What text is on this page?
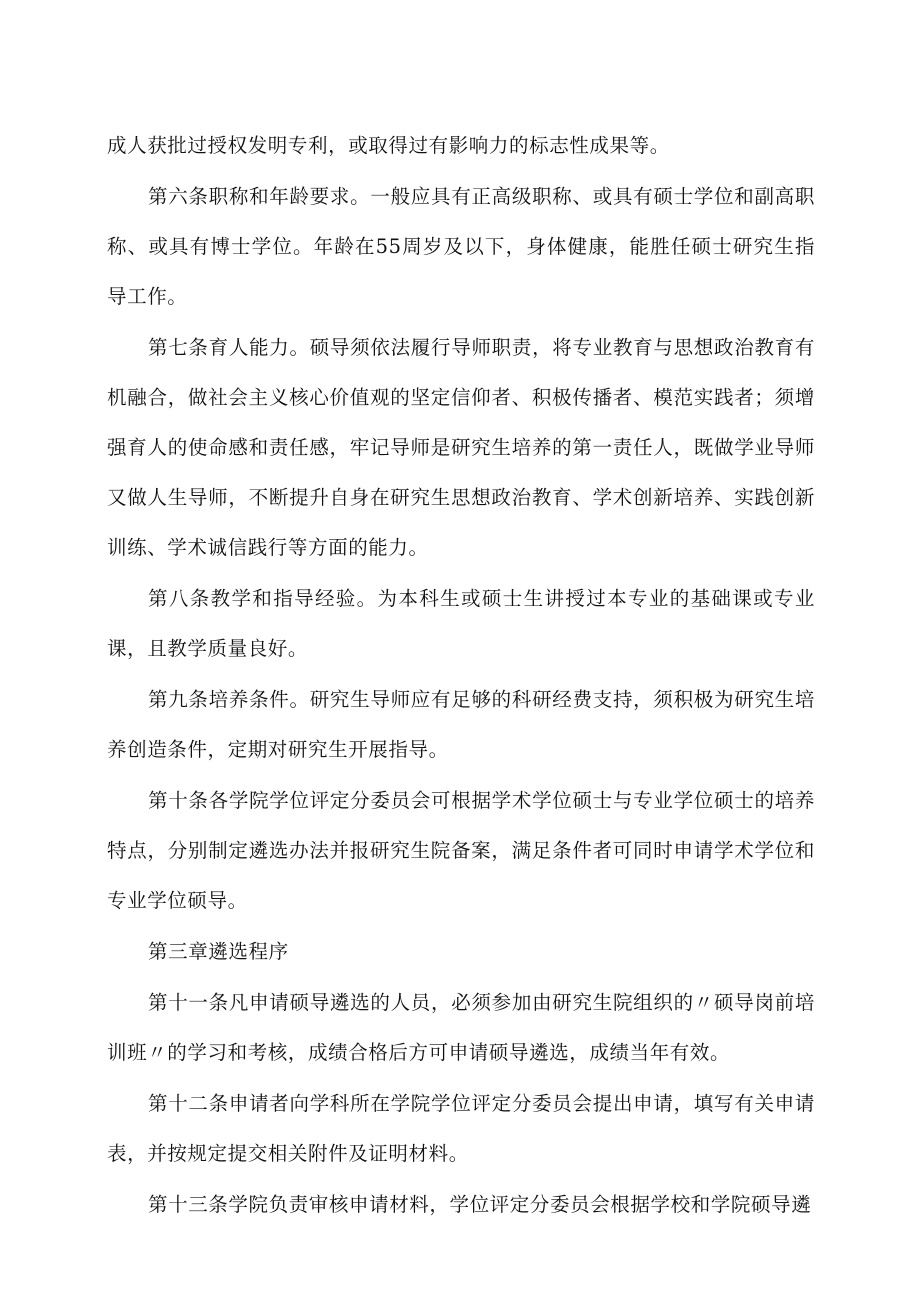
成人获批过授权发明专利，或取得过有影响力的标志性成果等。

第六条职称和年龄要求。一般应具有正高级职称、或具有硕士学位和副高职称、或具有博士学位。年龄在55周岁及以下，身体健康，能胜任硕士研究生指导工作。

第七条育人能力。硕导须依法履行导师职责，将专业教育与思想政治教育有机融合，做社会主义核心价值观的坚定信仰者、积极传播者、模范实践者；须增强育人的使命感和责任感，牢记导师是研究生培养的第一责任人，既做学业导师又做人生导师，不断提升自身在研究生思想政治教育、学术创新培养、实践创新训练、学术诚信践行等方面的能力。

第八条教学和指导经验。为本科生或硕士生讲授过本专业的基础课或专业课，且教学质量良好。

第九条培养条件。研究生导师应有足够的科研经费支持，须积极为研究生培养创造条件，定期对研究生开展指导。

第十条各学院学位评定分委员会可根据学术学位硕士与专业学位硕士的培养特点，分别制定遴选办法并报研究生院备案，满足条件者可同时申请学术学位和专业学位硕导。

第三章遴选程序

第十一条凡申请硕导遴选的人员，必须参加由研究生院组织的〃硕导岗前培训班〃的学习和考核，成绩合格后方可申请硕导遴选，成绩当年有效。

第十二条申请者向学科所在学院学位评定分委员会提出申请，填写有关申请表，并按规定提交相关附件及证明材料。

第十三条学院负责审核申请材料，学位评定分委员会根据学校和学院硕导遴
